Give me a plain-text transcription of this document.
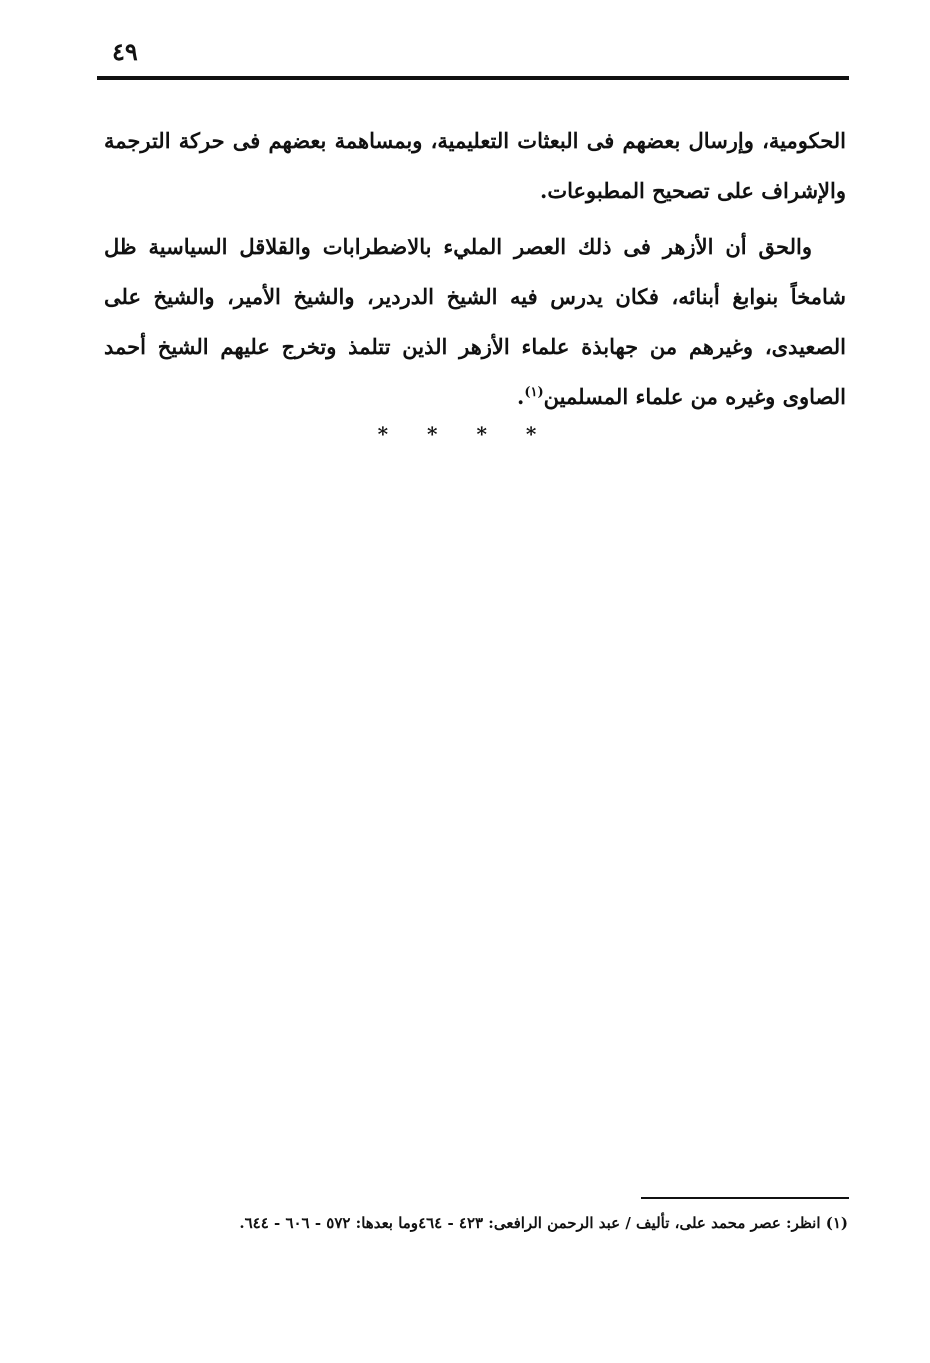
٤٩

الحكومية، وإرسال بعضهم فى البعثات التعليمية، وبمساهمة بعضهم فى حركة الترجمة والإشراف على تصحيح المطبوعات.

والحق أن الأزهر فى ذلك العصر المليء بالاضطرابات والقلاقل السياسية ظل شامخاً بنوابغ أبنائه، فكان يدرس فيه الشيخ الدردير، والشيخ الأمير، والشيخ على الصعيدى، وغيرهم من جهابذة علماء الأزهر الذين تتلمذ وتخرج عليهم الشيخ أحمد الصاوى وغيره من علماء المسلمين$^{(١)}$.

* * * *
(١) انظر: عصر محمد على، تأليف / عبد الرحمن الرافعى: ٤٢٣ - ٤٦٤وما بعدها: ٥٧٢ - ٦٠٦ - ٦٤٤.
